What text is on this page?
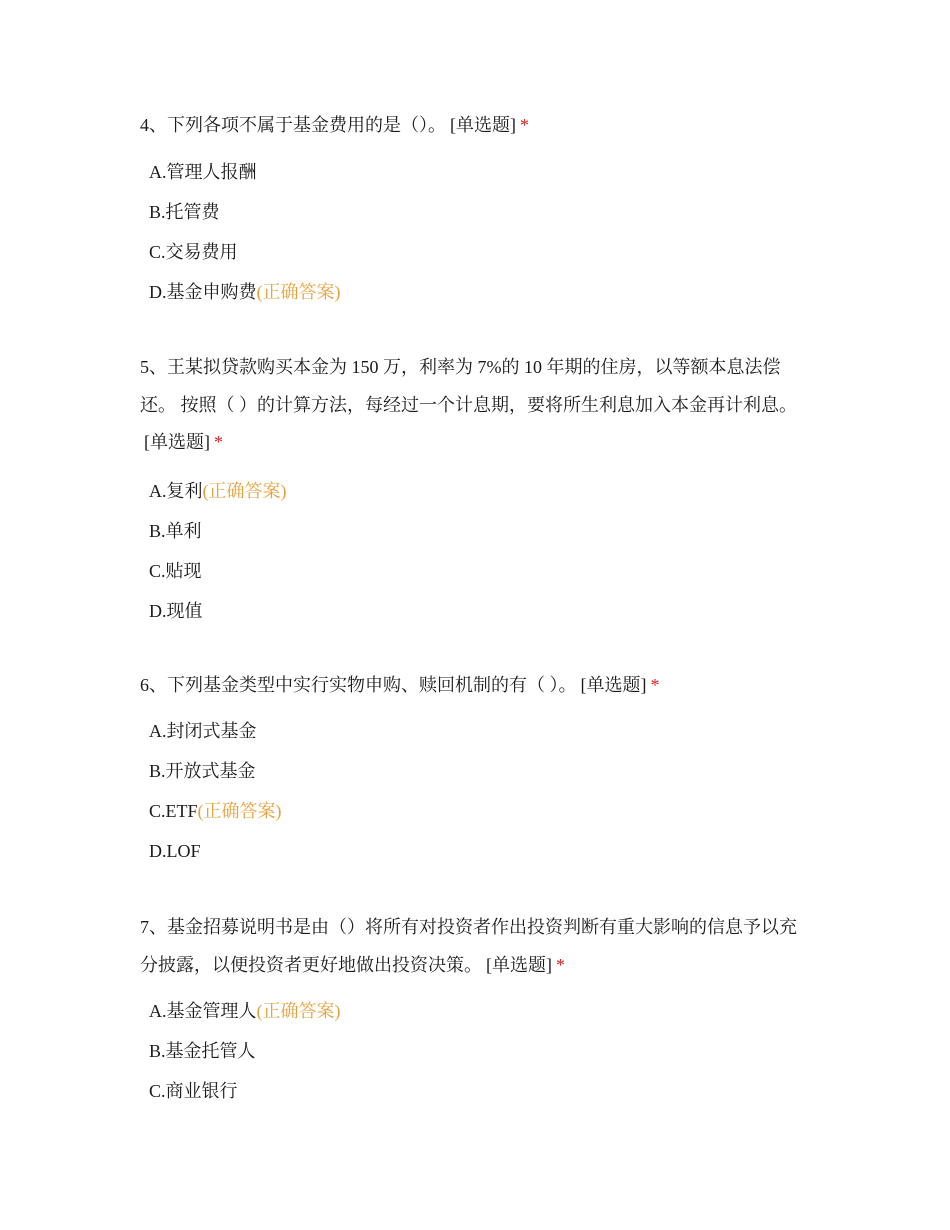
4、下列各项不属于基金费用的是（）。 [单选题] *

A.管理人报酬
B.托管费
C.交易费用
D.基金申购费(正确答案)

5、王某拟贷款购买本金为 150 万，利率为 7%的 10 年期的住房，以等额本息法偿还。 按照（ ）的计算方法，每经过一个计息期，要将所生利息加入本金再计利息。[单选题] *

A.复利(正确答案)
B.单利
C.贴现
D.现值

6、下列基金类型中实行实物申购、赎回机制的有（ ）。 [单选题] *

A.封闭式基金
B.开放式基金
C.ETF(正确答案)
D.LOF

7、基金招募说明书是由（）将所有对投资者作出投资判断有重大影响的信息予以充分披露，以便投资者更好地做出投资决策。 [单选题] *

A.基金管理人(正确答案)
B.基金托管人
C.商业银行
